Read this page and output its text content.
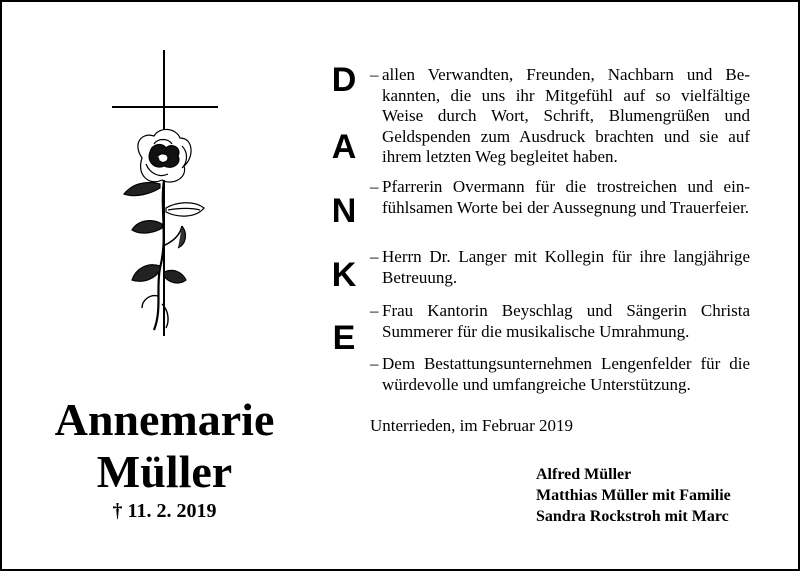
Annemarie
Müller
† 11. 2. 2019
D
A
N
K
E
– allen Verwandten, Freunden, Nachbarn und Bekannten, die uns ihr Mitgefühl auf so vielfältige Weise durch Wort, Schrift, Blumengrüßen und Geldspenden zum Ausdruck brachten und sie auf ihrem letzten Weg begleitet haben.
– Pfarrerin Overmann für die trostreichen und einfühlsamen Worte bei der Aussegnung und Trauerfeier.
– Herrn Dr. Langer mit Kollegin für ihre langjährige Betreuung.
– Frau Kantorin Beyschlag und Sängerin Christa Summerer für die musikalische Umrahmung.
– Dem Bestattungsunternehmen Lengenfelder für die würdevolle und umfangreiche Unterstützung.
Unterrieden, im Februar 2019
Alfred Müller
Matthias Müller mit Familie
Sandra Rockstroh mit Marc
